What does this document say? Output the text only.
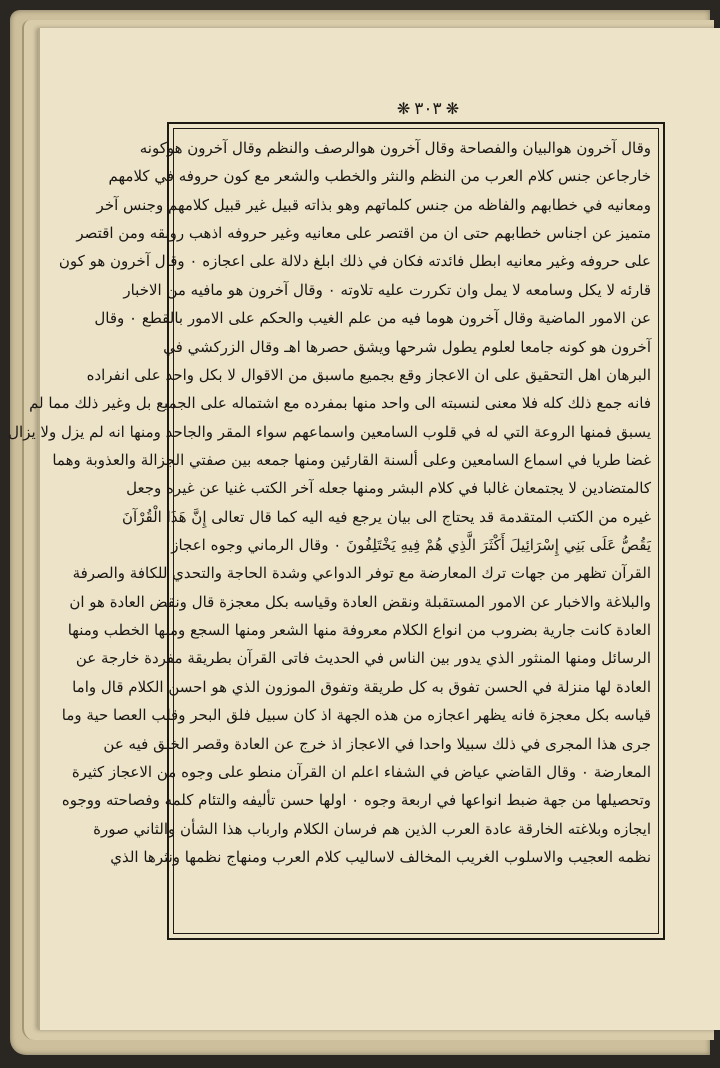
❋ ٣٠٣ ❋
وقال آخرون هوالبيان والفصاحة وقال آخرون هوالرصف والنظم وقال آخرون هوكونه
خارجاعن جنس كلام العرب من النظم والنثر والخطب والشعر مع كون حروفه في كلامهم
ومعانيه في خطابهم والفاظه من جنس كلماتهم وهو بذاته قبيل غير قبيل كلامهم وجنس آخر
متميز عن اجناس خطابهم حتى ان من اقتصر على معانيه وغير حروفه اذهب رونقه ومن اقتصر
على حروفه وغير معانيه ابطل فائدته فكان في ذلك ابلغ دلالة على اعجازه ٠ وقال آخرون هو كون
قارئه لا يكل وسامعه لا يمل وان تكررت عليه تلاوته ٠ وقال آخرون هو مافيه من الاخبار
عن الامور الماضية وقال آخرون هوما فيه من علم الغيب والحكم على الامور بالقطع ٠ وقال
آخرون هو كونه جامعا لعلوم يطول شرحها ويشق حصرها اهـ وقال الزركشي في
البرهان اهل التحقيق على ان الاعجاز وقع بجميع ماسبق من الاقوال لا بكل واحد على انفراده
فانه جمع ذلك كله فلا معنى لنسبته الى واحد منها بمفرده مع اشتماله على الجميع بل وغير ذلك مما لم
يسبق فمنها الروعة التي له في قلوب السامعين واسماعهم سواء المقر والجاحد ومنها انه لم يزل ولا يزال
غضا طريا في اسماع السامعين وعلى ألسنة القارئين ومنها جمعه بين صفتي الجزالة والعذوبة وهما
كالمتضادين لا يجتمعان غالبا في كلام البشر ومنها جعله آخر الكتب غنيا عن غيره وجعل
غيره من الكتب المتقدمة قد يحتاج الى بيان يرجع فيه اليه كما قال تعالى إِنَّ هَذَا الْقُرْآنَ
يَقُصُّ عَلَى بَنِي إِسْرَائِيلَ أَكْثَرَ الَّذِي هُمْ فِيهِ يَخْتَلِفُونَ ٠ وقال الرماني وجوه اعجاز
القرآن تظهر من جهات ترك المعارضة مع توفر الدواعي وشدة الحاجة والتحدي للكافة والصرفة
والبلاغة والاخبار عن الامور المستقبلة ونقض العادة وقياسه بكل معجزة قال ونقض العادة هو ان
العادة كانت جارية بضروب من انواع الكلام معروفة منها الشعر ومنها السجع ومنها الخطب ومنها
الرسائل ومنها المنثور الذي يدور بين الناس في الحديث فاتى القرآن بطريقة مفردة خارجة عن
العادة لها منزلة في الحسن تفوق به كل طريقة وتفوق الموزون الذي هو احسن الكلام قال واما
قياسه بكل معجزة فانه يظهر اعجازه من هذه الجهة اذ كان سبيل فلق البحر وقلب العصا حية وما
جرى هذا المجرى في ذلك سبيلا واحدا في الاعجاز اذ خرج عن العادة وقصر الخلق فيه عن
المعارضة ٠ وقال القاضي عياض في الشفاء اعلم ان القرآن منطو على وجوه من الاعجاز كثيرة
وتحصيلها من جهة ضبط انواعها في اربعة وجوه ٠ اولها حسن تأليفه والتئام كلمه وفصاحته ووجوه
ايجازه وبلاغته الخارقة عادة العرب الذين هم فرسان الكلام وارباب هذا الشأن والثاني صورة
نظمه العجيب والاسلوب الغريب المخالف لاساليب كلام العرب ومنهاج نظمها ونثرها الذي
